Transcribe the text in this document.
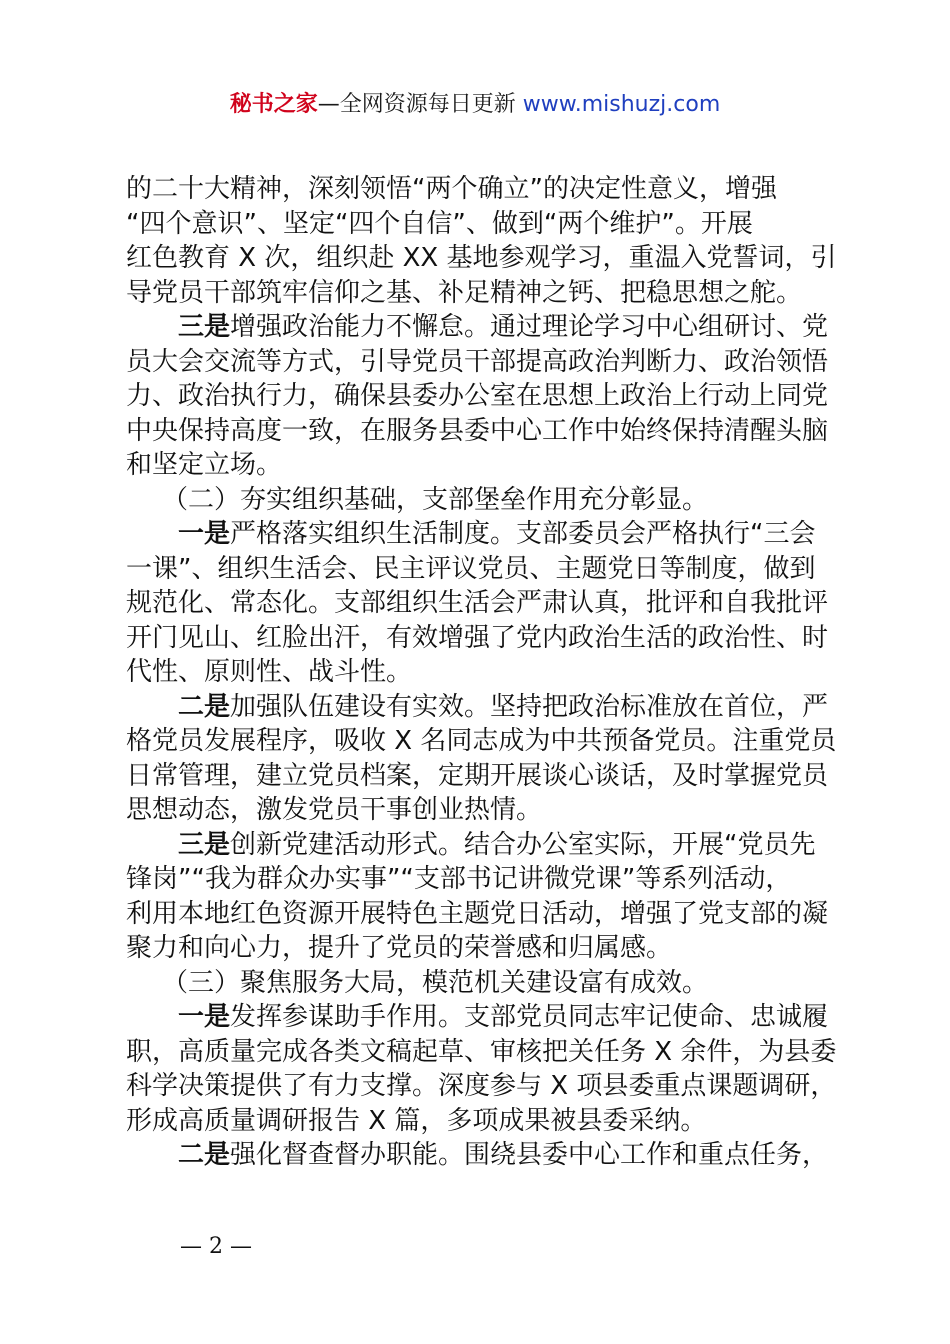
秘书之家—全网资源每日更新 www.mishuzj.com
的二十大精神，深刻领悟“两个确立”的决定性意义，增强
“四个意识”、坚定“四个自信”、做到“两个维护”。开展
红色教育 X 次，组织赴 XX 基地参观学习，重温入党誓词，引
导党员干部筑牢信仰之基、补足精神之钙、把稳思想之舵。
三是增强政治能力不懈怠。通过理论学习中心组研讨、党
员大会交流等方式，引导党员干部提高政治判断力、政治领悟
力、政治执行力，确保县委办公室在思想上政治上行动上同党
中央保持高度一致，在服务县委中心工作中始终保持清醒头脑
和坚定立场。
（二）夯实组织基础，支部堡垒作用充分彰显。
一是严格落实组织生活制度。支部委员会严格执行“三会
一课”、组织生活会、民主评议党员、主题党日等制度，做到
规范化、常态化。支部组织生活会严肃认真，批评和自我批评
开门见山、红脸出汗，有效增强了党内政治生活的政治性、时
代性、原则性、战斗性。
二是加强队伍建设有实效。坚持把政治标准放在首位，严
格党员发展程序，吸收 X 名同志成为中共预备党员。注重党员
日常管理，建立党员档案，定期开展谈心谈话，及时掌握党员
思想动态，激发党员干事创业热情。
三是创新党建活动形式。结合办公室实际，开展“党员先
锋岗”“我为群众办实事”“支部书记讲微党课”等系列活动，
利用本地红色资源开展特色主题党日活动，增强了党支部的凝
聚力和向心力，提升了党员的荣誉感和归属感。
（三）聚焦服务大局，模范机关建设富有成效。
一是发挥参谋助手作用。支部党员同志牢记使命、忠诚履
职，高质量完成各类文稿起草、审核把关任务 X 余件，为县委
科学决策提供了有力支撑。深度参与 X 项县委重点课题调研，
形成高质量调研报告 X 篇，多项成果被县委采纳。
二是强化督查督办职能。围绕县委中心工作和重点任务，
— 2 —
